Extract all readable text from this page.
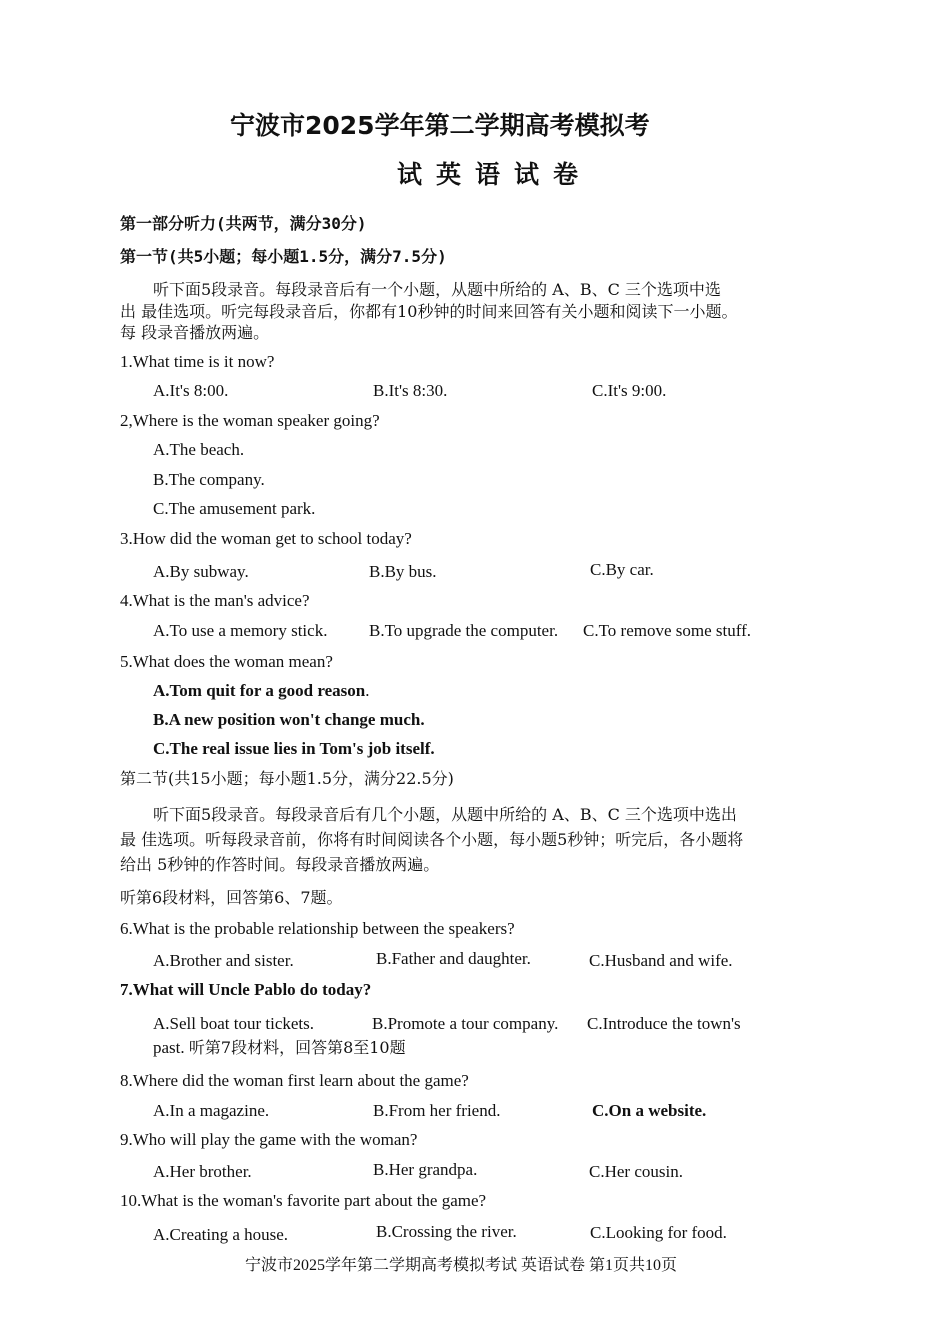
宁波市2025学年第二学期高考模拟考
试英语试卷
第一部分听力(共两节，满分30分)
第一节(共5小题；每小题1.5分，满分7.5分)
听下面5段录音。每段录音后有一个小题，从题中所给的 A、B、C 三个选项中选
出 最佳选项。听完每段录音后，你都有10秒钟的时间来回答有关小题和阅读下一小题。
每 段录音播放两遍。
1.What time is it now?
A.It's 8:00.	B.It's 8:30.	C.It's 9:00.
2,Where is the woman speaker going?
A.The beach.
B.The company.
C.The amusement park.
3.How did the woman get to school today?
A.By subway.	B.By bus.	C.By car.
4.What is the man's advice?
A.To use a memory stick. B.To upgrade the computer. C.To remove some stuff.
5.What does the woman mean?
A.Tom quit for a good reason.
B.A new position won't change much.
C.The real issue lies in Tom's job itself.
第二节(共15小题；每小题1.5分，满分22.5分)
听下面5段录音。每段录音后有几个小题，从题中所给的 A、B、C 三个选项中选出
最 佳选项。听每段录音前，你将有时间阅读各个小题，每小题5秒钟；听完后，各小题将
给出 5秒钟的作答时间。每段录音播放两遍。
听第6段材料，回答第6、7题。
6.What is the probable relationship between the speakers?
A.Brother and sister.	B.Father and daughter.	C.Husband and wife.
7.What will Uncle Pablo do today?
A.Sell boat tour tickets.	B.Promote a tour company. C.Introduce the town's
past. 听第7段材料，回答第8至10题
8.Where did the woman first learn about the game?
A.In a magazine.	B.From her friend.	C.On a website.
9.Who will play the game with the woman?
A.Her brother.	B.Her grandpa.	C.Her cousin.
10.What is the woman's favorite part about the game?
A.Creating a house.	B.Crossing the river.	C.Looking for food.
宁波市2025学年第二学期高考模拟考试 英语试卷 第1页共10页
